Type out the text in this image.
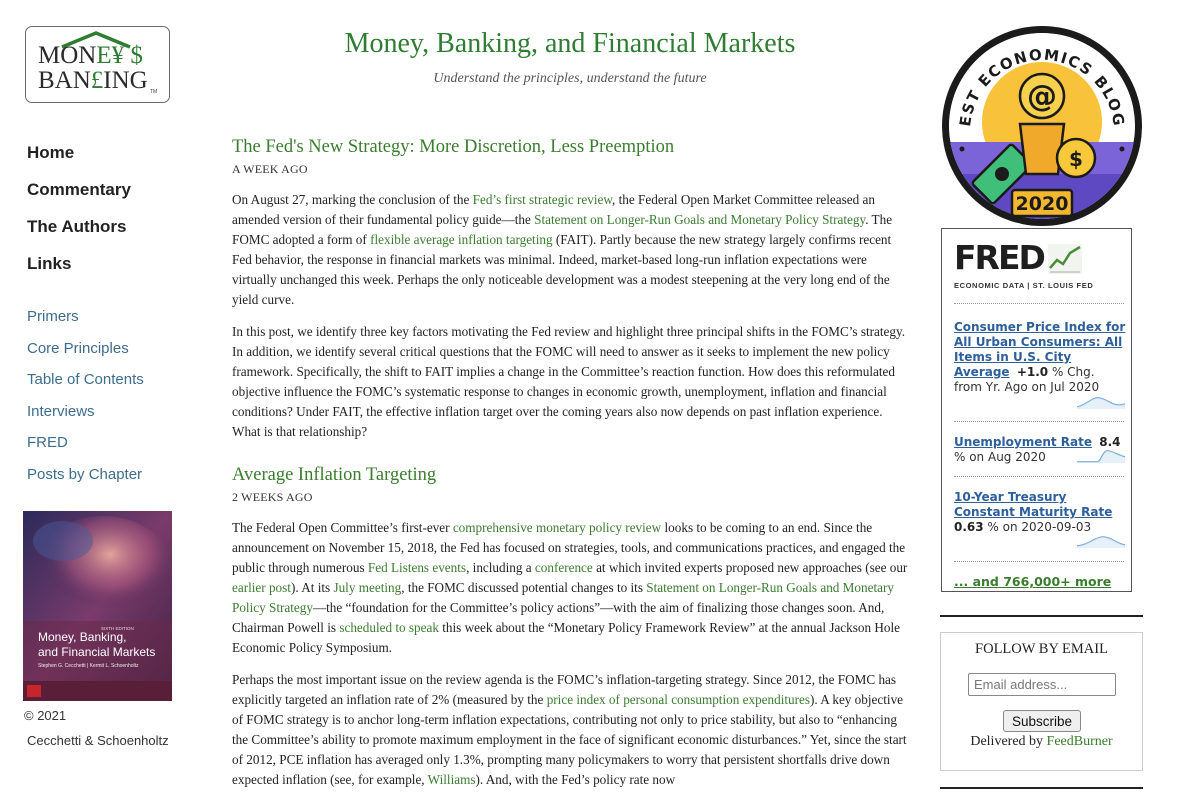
MONE¥ $
BAN£ING TM
Home
Commentary
The Authors
Links
Primers
Core Principles
Table of Contents
Interviews
FRED
Posts by Chapter
Money, Banking,
and Financial Markets
SIXTH EDITION
Stephen G. Cecchetti | Kermit L. Schoenholtz
© 2021
Cecchetti & Schoenholtz
Money, Banking, and Financial Markets
Understand the principles, understand the future
The Fed's New Strategy: More Discretion, Less Preemption
A WEEK AGO

On August 27, marking the conclusion of the Fed’s first strategic review, the Federal Open Market Committee released an amended version of their fundamental policy guide—the Statement on Longer-Run Goals and Monetary Policy Strategy. The FOMC adopted a form of flexible average inflation targeting (FAIT). Partly because the new strategy largely confirms recent Fed behavior, the response in financial markets was minimal. Indeed, market-based long-run inflation expectations were virtually unchanged this week. Perhaps the only noticeable development was a modest steepening at the very long end of the yield curve.

In this post, we identify three key factors motivating the Fed review and highlight three principal shifts in the FOMC’s strategy. In addition, we identify several critical questions that the FOMC will need to answer as it seeks to implement the new policy framework. Specifically, the shift to FAIT implies a change in the Committee’s reaction function. How does this reformulated objective influence the FOMC’s systematic response to changes in economic growth, unemployment, inflation and financial conditions? Under FAIT, the effective inflation target over the coming years also now depends on past inflation experience. What is that relationship?

Average Inflation Targeting
2 WEEKS AGO

The Federal Open Committee’s first-ever comprehensive monetary policy review looks to be coming to an end. Since the announcement on November 15, 2018, the Fed has focused on strategies, tools, and communications practices, and engaged the public through numerous Fed Listens events, including a conference at which invited experts proposed new approaches (see our earlier post). At its July meeting, the FOMC discussed potential changes to its Statement on Longer-Run Goals and Monetary Policy Strategy—the “foundation for the Committee’s policy actions”—with the aim of finalizing those changes soon. And, Chairman Powell is scheduled to speak this week about the “Monetary Policy Framework Review” at the annual Jackson Hole Economic Policy Symposium.

Perhaps the most important issue on the review agenda is the FOMC’s inflation-targeting strategy. Since 2012, the FOMC has explicitly targeted an inflation rate of 2% (measured by the price index of personal consumption expenditures). A key objective of FOMC strategy is to anchor long-term inflation expectations, contributing not only to price stability, but also to “enhancing the Committee’s ability to promote maximum employment in the face of significant economic disturbances.” Yet, since the start of 2012, PCE inflation has averaged only 1.3%, prompting many policymakers to worry that persistent shortfalls drive down expected inflation (see, for example, Williams). And, with the Fed’s policy rate now

@
$
2020
EST ECONOMICS BLOG
FRED
ECONOMIC DATA | ST. LOUIS FED
Consumer Price Index for All Urban Consumers: All Items in U.S. City Average +1.0 % Chg. from Yr. Ago on Jul 2020
Unemployment Rate 8.4 % on Aug 2020
10-Year Treasury Constant Maturity Rate 0.63 % on 2020-09-03
... and 766,000+ more
FOLLOW BY EMAIL
Email address...
Subscribe
Delivered by FeedBurner
